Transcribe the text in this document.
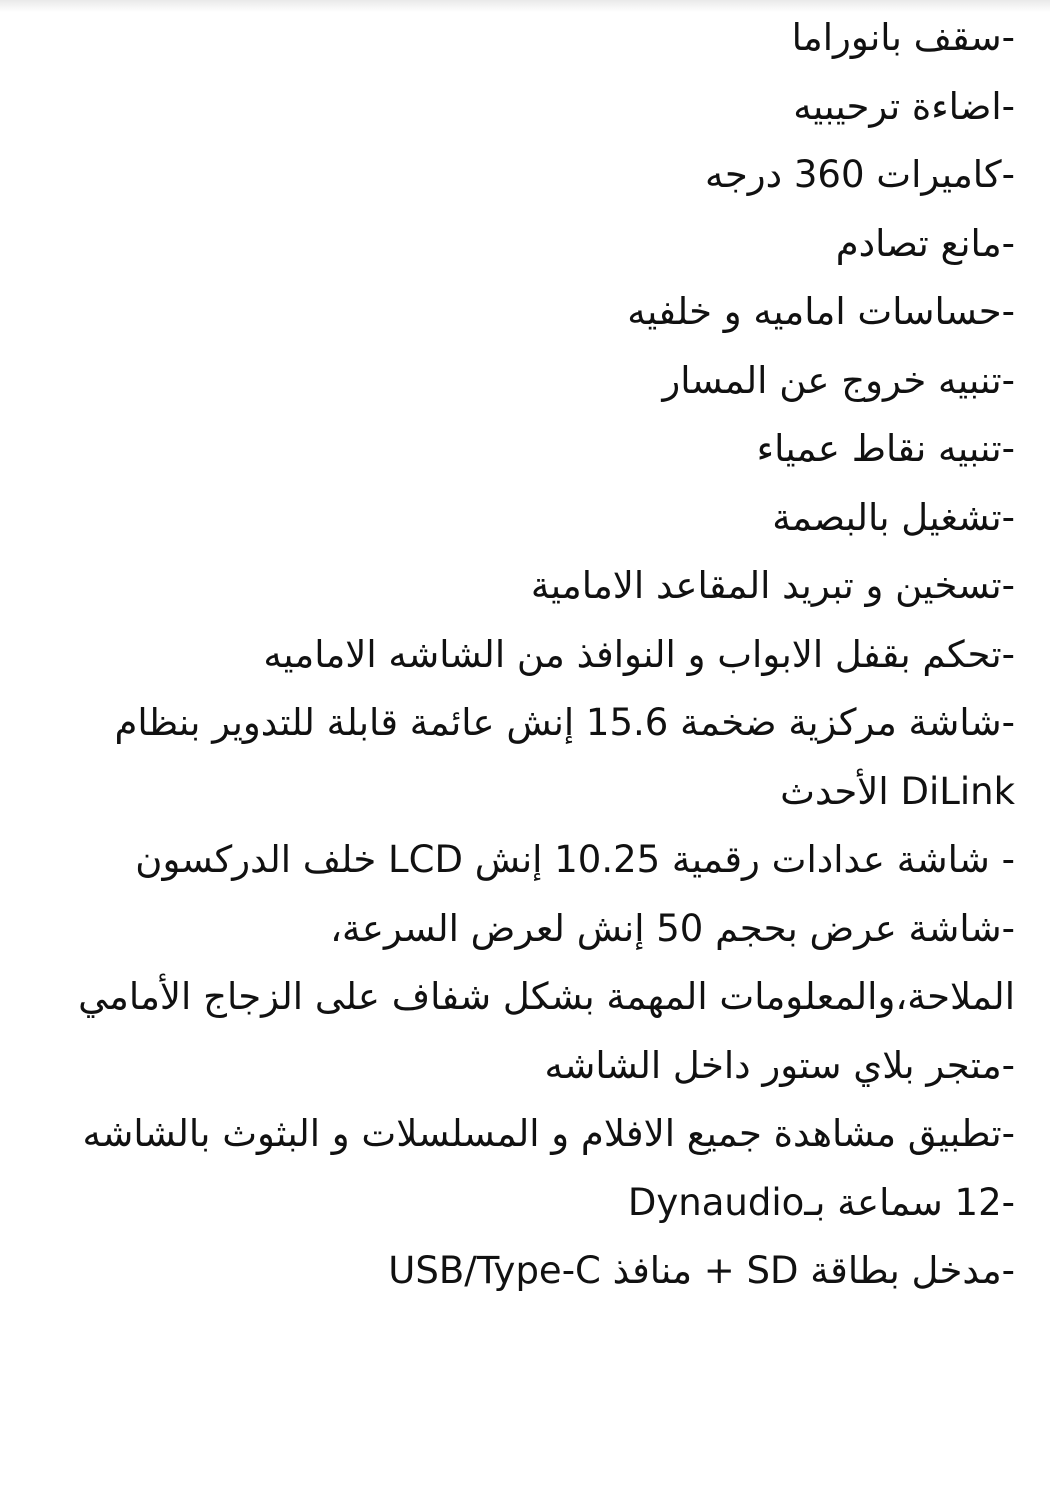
-سقف بانوراما
-اضاءة ترحيبيه
-كاميرات 360 درجه
-مانع تصادم
-حساسات اماميه و خلفيه
-تنبيه خروج عن المسار
-تنبيه نقاط عمياء
-تشغيل بالبصمة
-تسخين و تبريد المقاعد الامامية
-تحكم بقفل الابواب و النوافذ من الشاشه الاماميه
-شاشة مركزية ضخمة 15.6 إنش عائمة قابلة للتدوير بنظام DiLink الأحدث
- شاشة عدادات رقمية 10.25 إنش LCD خلف الدركسون
-شاشة عرض بحجم 50 إنش لعرض السرعة، الملاحة،والمعلومات المهمة بشكل شفاف على الزجاج الأمامي
-متجر بلاي ستور داخل الشاشه
-تطبيق مشاهدة جميع الافلام و المسلسلات و البثوث بالشاشه
-12 سماعة بـDynaudio
-مدخل بطاقة SD + منافذ USB/Type-C
